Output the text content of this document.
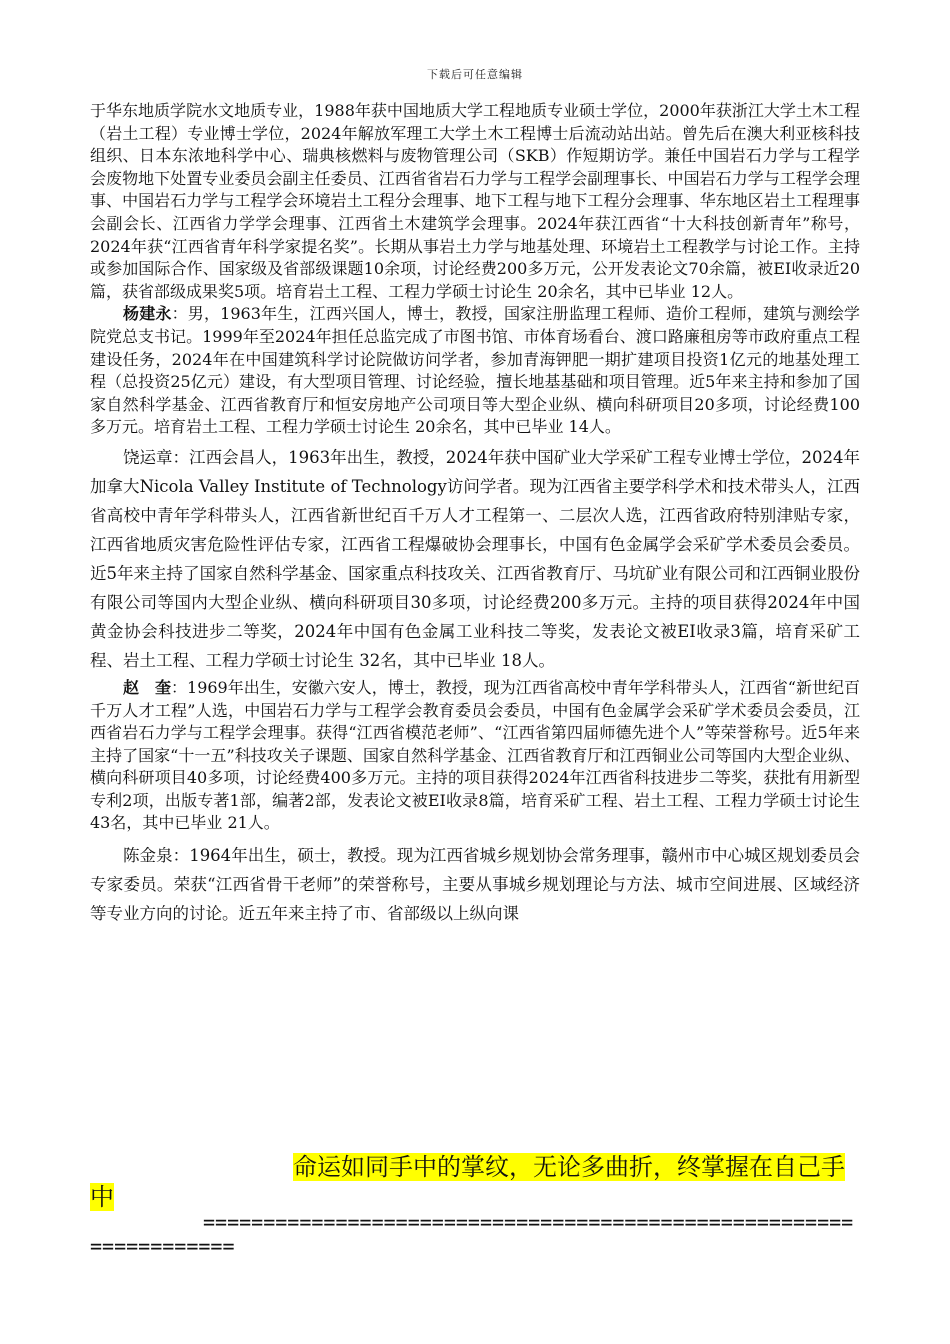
下载后可任意编辑

于华东地质学院水文地质专业，1988年获中国地质大学工程地质专业硕士学位，2000年获浙江大学土木工程（岩土工程）专业博士学位，2024年解放军理工大学土木工程博士后流动站出站。曾先后在澳大利亚核科技组织、日本东浓地科学中心、瑞典核燃料与废物管理公司（SKB）作短期访学。兼任中国岩石力学与工程学会废物地下处置专业委员会副主任委员、江西省省岩石力学与工程学会副理事长、中国岩石力学与工程学会理事、中国岩石力学与工程学会环境岩土工程分会理事、地下工程与地下工程分会理事、华东地区岩土工程理事会副会长、江西省力学学会理事、江西省土木建筑学会理事。2024年获江西省“十大科技创新青年”称号，2024年获“江西省青年科学家提名奖”。长期从事岩土力学与地基处理、环境岩土工程教学与讨论工作。主持或参加国际合作、国家级及省部级课题10余项，讨论经费200多万元，公开发表论文70余篇，被EI收录近20篇，获省部级成果奖5项。培育岩土工程、工程力学硕士讨论生 20余名，其中已毕业 12人。

杨建永：男，1963年生，江西兴国人，博士，教授，国家注册监理工程师、造价工程师，建筑与测绘学院党总支书记。1999年至2024年担任总监完成了市图书馆、市体育场看台、渡口路廉租房等市政府重点工程建设任务，2024年在中国建筑科学讨论院做访问学者，参加青海钾肥一期扩建项目投资1亿元的地基处理工程（总投资25亿元）建设，有大型项目管理、讨论经验，擅长地基基础和项目管理。近5年来主持和参加了国家自然科学基金、江西省教育厅和恒安房地产公司项目等大型企业纵、横向科研项目20多项，讨论经费100多万元。培育岩土工程、工程力学硕士讨论生 20余名，其中已毕业 14人。

饶运章：江西会昌人，1963年出生，教授，2024年获中国矿业大学采矿工程专业博士学位，2024年加拿大Nicola Valley Institute of Technology访问学者。现为江西省主要学科学术和技术带头人，江西省高校中青年学科带头人，江西省新世纪百千万人才工程第一、二层次人选，江西省政府特别津贴专家，江西省地质灾害危险性评估专家，江西省工程爆破协会理事长，中国有色金属学会采矿学术委员会委员。近5年来主持了国家自然科学基金、国家重点科技攻关、江西省教育厅、马坑矿业有限公司和江西铜业股份有限公司等国内大型企业纵、横向科研项目30多项，讨论经费200多万元。主持的项目获得2024年中国黄金协会科技进步二等奖，2024年中国有色金属工业科技二等奖，发表论文被EI收录3篇，培育采矿工程、岩土工程、工程力学硕士讨论生 32名，其中已毕业 18人。

赵　奎：1969年出生，安徽六安人，博士，教授，现为江西省高校中青年学科带头人，江西省“新世纪百千万人才工程”人选，中国岩石力学与工程学会教育委员会委员，中国有色金属学会采矿学术委员会委员，江西省岩石力学与工程学会理事。获得“江西省模范老师”、“江西省第四届师德先进个人”等荣誉称号。近5年来主持了国家“十一五”科技攻关子课题、国家自然科学基金、江西省教育厅和江西铜业公司等国内大型企业纵、横向科研项目40多项，讨论经费400多万元。主持的项目获得2024年江西省科技进步二等奖，获批有用新型专利2项，出版专著1部，编著2部，发表论文被EI收录8篇，培育采矿工程、岩土工程、工程力学硕士讨论生 43名，其中已毕业 21人。

陈金泉：1964年出生，硕士，教授。现为江西省城乡规划协会常务理事，赣州市中心城区规划委员会专家委员。荣获“江西省骨干老师”的荣誉称号，主要从事城乡规划理论与方法、城市空间进展、区域经济等专业方向的讨论。近五年来主持了市、省部级以上纵向课

命运如同手中的掌纹，无论多曲折，终掌握在自己手中
==================================================================
